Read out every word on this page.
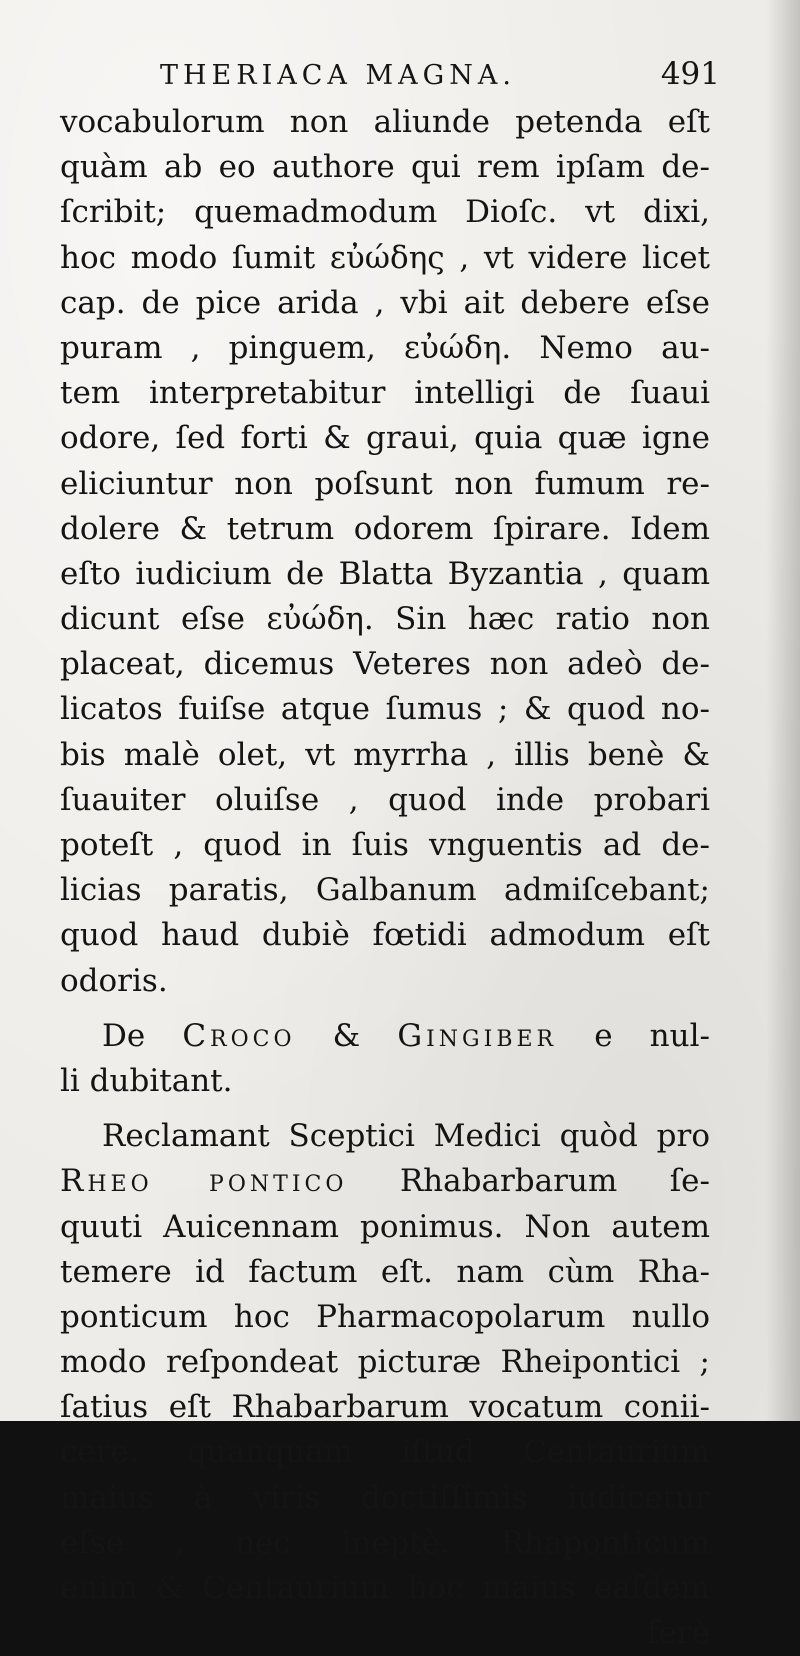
THERIACA MAGNA.	491
vocabulorum non aliunde petenda eſt
quàm ab eo authore qui rem ipſam de-
ſcribit; quemadmodum Dioſc. vt dixi,
hoc modo ſumit εὐώδης , vt videre licet
cap. de pice arida , vbi ait debere eſse
puram , pinguem, εὐώδη. Nemo au-
tem interpretabitur intelligi de ſuaui
odore, ſed forti & graui, quia quæ igne
eliciuntur non poſsunt non fumum re-
dolere & tetrum odorem ſpirare. Idem
eſto iudicium de Blatta Byzantia , quam
dicunt eſse εὐώδη. Sin hæc ratio non
placeat, dicemus Veteres non adeò de-
licatos fuiſse atque ſumus ; & quod no-
bis malè olet, vt myrrha , illis benè &
ſuauiter oluiſse , quod inde probari
poteſt , quod in ſuis vnguentis ad de-
licias paratis, Galbanum admiſcebant;
quod haud dubiè fœtidi admodum eſt
odoris.
De Croco & Gingiber e nul-
li dubitant.
Reclamant Sceptici Medici quòd pro
Rheo pontico Rhabarbarum ſe-
quuti Auicennam ponimus. Non autem
temere id factum eſt. nam cùm Rha-
ponticum hoc Pharmacopolarum nullo
modo reſpondeat picturæ Rheipontici ;
ſatius eſt Rhabarbarum vocatum conii-
cere. quanquam iſtud Centaurium
maius à viris doctiſſimis iudicetur
eſse , nec ineptè. Rhaponticum
enim & Centaurium hoc maius eaſdem
ferè
